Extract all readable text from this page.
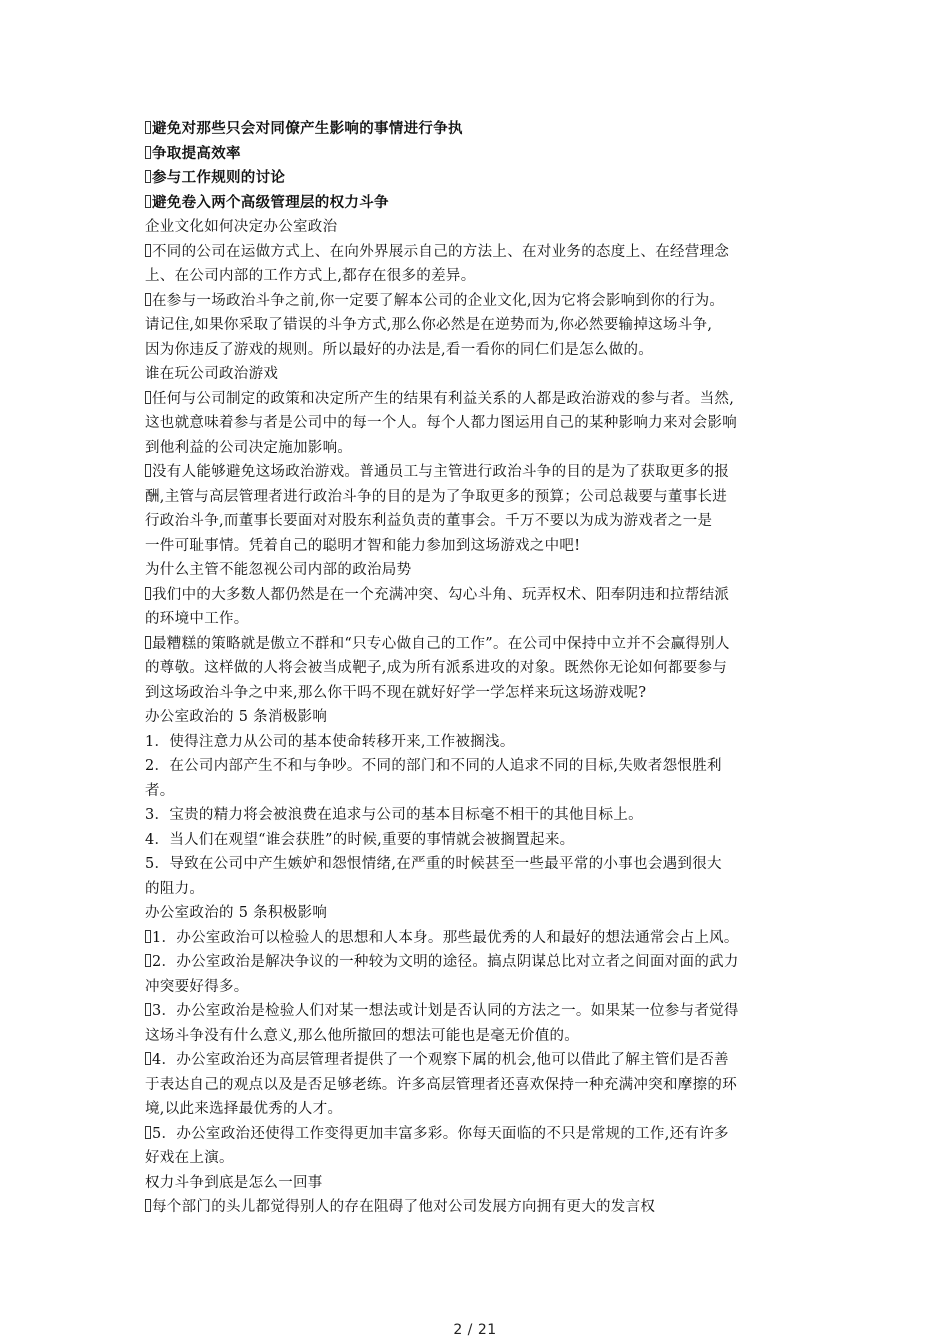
避免对那些只会对同僚产生影响的事情进行争执
争取提高效率
参与工作规则的讨论
避免卷入两个高级管理层的权力斗争
企业文化如何决定办公室政治
不同的公司在运做方式上、在向外界展示自己的方法上、在对业务的态度上、在经营理念
上、在公司内部的工作方式上,都存在很多的差异。
在参与一场政治斗争之前,你一定要了解本公司的企业文化,因为它将会影响到你的行为。
请记住,如果你采取了错误的斗争方式,那么你必然是在逆势而为,你必然要输掉这场斗争,
因为你违反了游戏的规则。所以最好的办法是,看一看你的同仁们是怎么做的。
谁在玩公司政治游戏
任何与公司制定的政策和决定所产生的结果有利益关系的人都是政治游戏的参与者。当然,
这也就意味着参与者是公司中的每一个人。每个人都力图运用自己的某种影响力来对会影响
到他利益的公司决定施加影响。
没有人能够避免这场政治游戏。普通员工与主管进行政治斗争的目的是为了获取更多的报
酬,主管与高层管理者进行政治斗争的目的是为了争取更多的预算；公司总裁要与董事长进
行政治斗争,而董事长要面对对股东利益负责的董事会。千万不要以为成为游戏者之一是
一件可耻事情。凭着自己的聪明才智和能力参加到这场游戏之中吧!
为什么主管不能忽视公司内部的政治局势
我们中的大多数人都仍然是在一个充满冲突、勾心斗角、玩弄权术、阳奉阴违和拉帮结派
的环境中工作。
最糟糕的策略就是傲立不群和“只专心做自己的工作”。在公司中保持中立并不会赢得别人
的尊敬。这样做的人将会被当成靶子,成为所有派系进攻的对象。既然你无论如何都要参与
到这场政治斗争之中来,那么你干吗不现在就好好学一学怎样来玩这场游戏呢?
办公室政治的 5 条消极影响
1．使得注意力从公司的基本使命转移开来,工作被搁浅。
2．在公司内部产生不和与争吵。不同的部门和不同的人追求不同的目标,失败者怨恨胜利
者。
3．宝贵的精力将会被浪费在追求与公司的基本目标毫不相干的其他目标上。
4．当人们在观望“谁会获胜”的时候,重要的事情就会被搁置起来。
5．导致在公司中产生嫉妒和怨恨情绪,在严重的时候甚至一些最平常的小事也会遇到很大
的阻力。
办公室政治的 5 条积极影响
1．办公室政治可以检验人的思想和人本身。那些最优秀的人和最好的想法通常会占上风。
2．办公室政治是解决争议的一种较为文明的途径。搞点阴谋总比对立者之间面对面的武力
冲突要好得多。
3．办公室政治是检验人们对某一想法或计划是否认同的方法之一。如果某一位参与者觉得
这场斗争没有什么意义,那么他所撤回的想法可能也是毫无价值的。
4．办公室政治还为高层管理者提供了一个观察下属的机会,他可以借此了解主管们是否善
于表达自己的观点以及是否足够老练。许多高层管理者还喜欢保持一种充满冲突和摩擦的环
境,以此来选择最优秀的人才。
5．办公室政治还使得工作变得更加丰富多彩。你每天面临的不只是常规的工作,还有许多
好戏在上演。
权力斗争到底是怎么一回事
每个部门的头儿都觉得别人的存在阻碍了他对公司发展方向拥有更大的发言权
2 / 21
